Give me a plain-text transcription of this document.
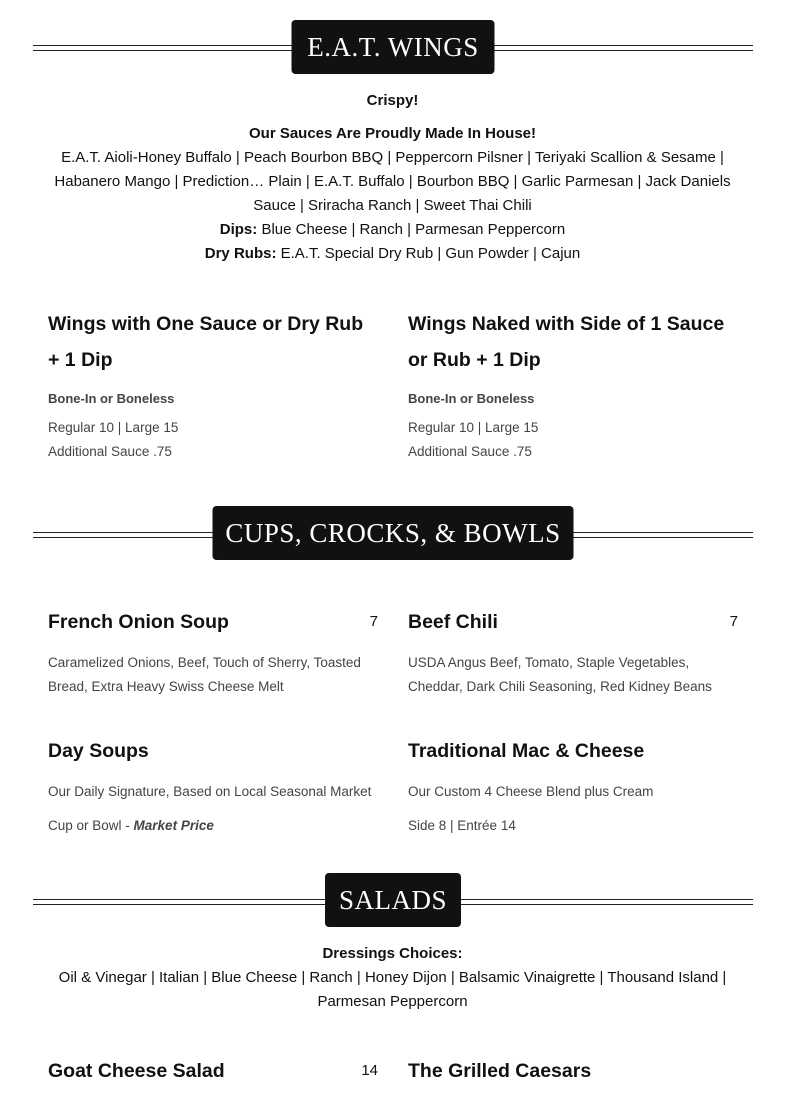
E.A.T. WINGS
Crispy!
Our Sauces Are Proudly Made In House!
E.A.T. Aioli-Honey Buffalo | Peach Bourbon BBQ | Peppercorn Pilsner | Teriyaki Scallion & Sesame |
Habanero Mango | Prediction… Plain | E.A.T. Buffalo | Bourbon BBQ | Garlic Parmesan | Jack Daniels
Sauce | Sriracha Ranch | Sweet Thai Chili
Dips: Blue Cheese | Ranch | Parmesan Peppercorn
Dry Rubs: E.A.T. Special Dry Rub | Gun Powder | Cajun
Wings with One Sauce or Dry Rub
+ 1 Dip
Bone-In or Boneless
Regular 10 | Large 15
Additional Sauce .75
Wings Naked with Side of 1 Sauce
or Rub + 1 Dip
Bone-In or Boneless
Regular 10 | Large 15
Additional Sauce .75
CUPS, CROCKS, & BOWLS
French Onion Soup	7
Caramelized Onions, Beef, Touch of Sherry, Toasted
Bread, Extra Heavy Swiss Cheese Melt
Beef Chili	7
USDA Angus Beef, Tomato, Staple Vegetables,
Cheddar, Dark Chili Seasoning, Red Kidney Beans
Day Soups
Our Daily Signature, Based on Local Seasonal Market
Cup or Bowl - Market Price
Traditional Mac & Cheese
Our Custom 4 Cheese Blend plus Cream
Side 8 | Entrée 14
SALADS
Dressings Choices:
Oil & Vinegar | Italian | Blue Cheese | Ranch | Honey Dijon | Balsamic Vinaigrette | Thousand Island |
Parmesan Peppercorn
Goat Cheese Salad	14 The Grilled Caesars
